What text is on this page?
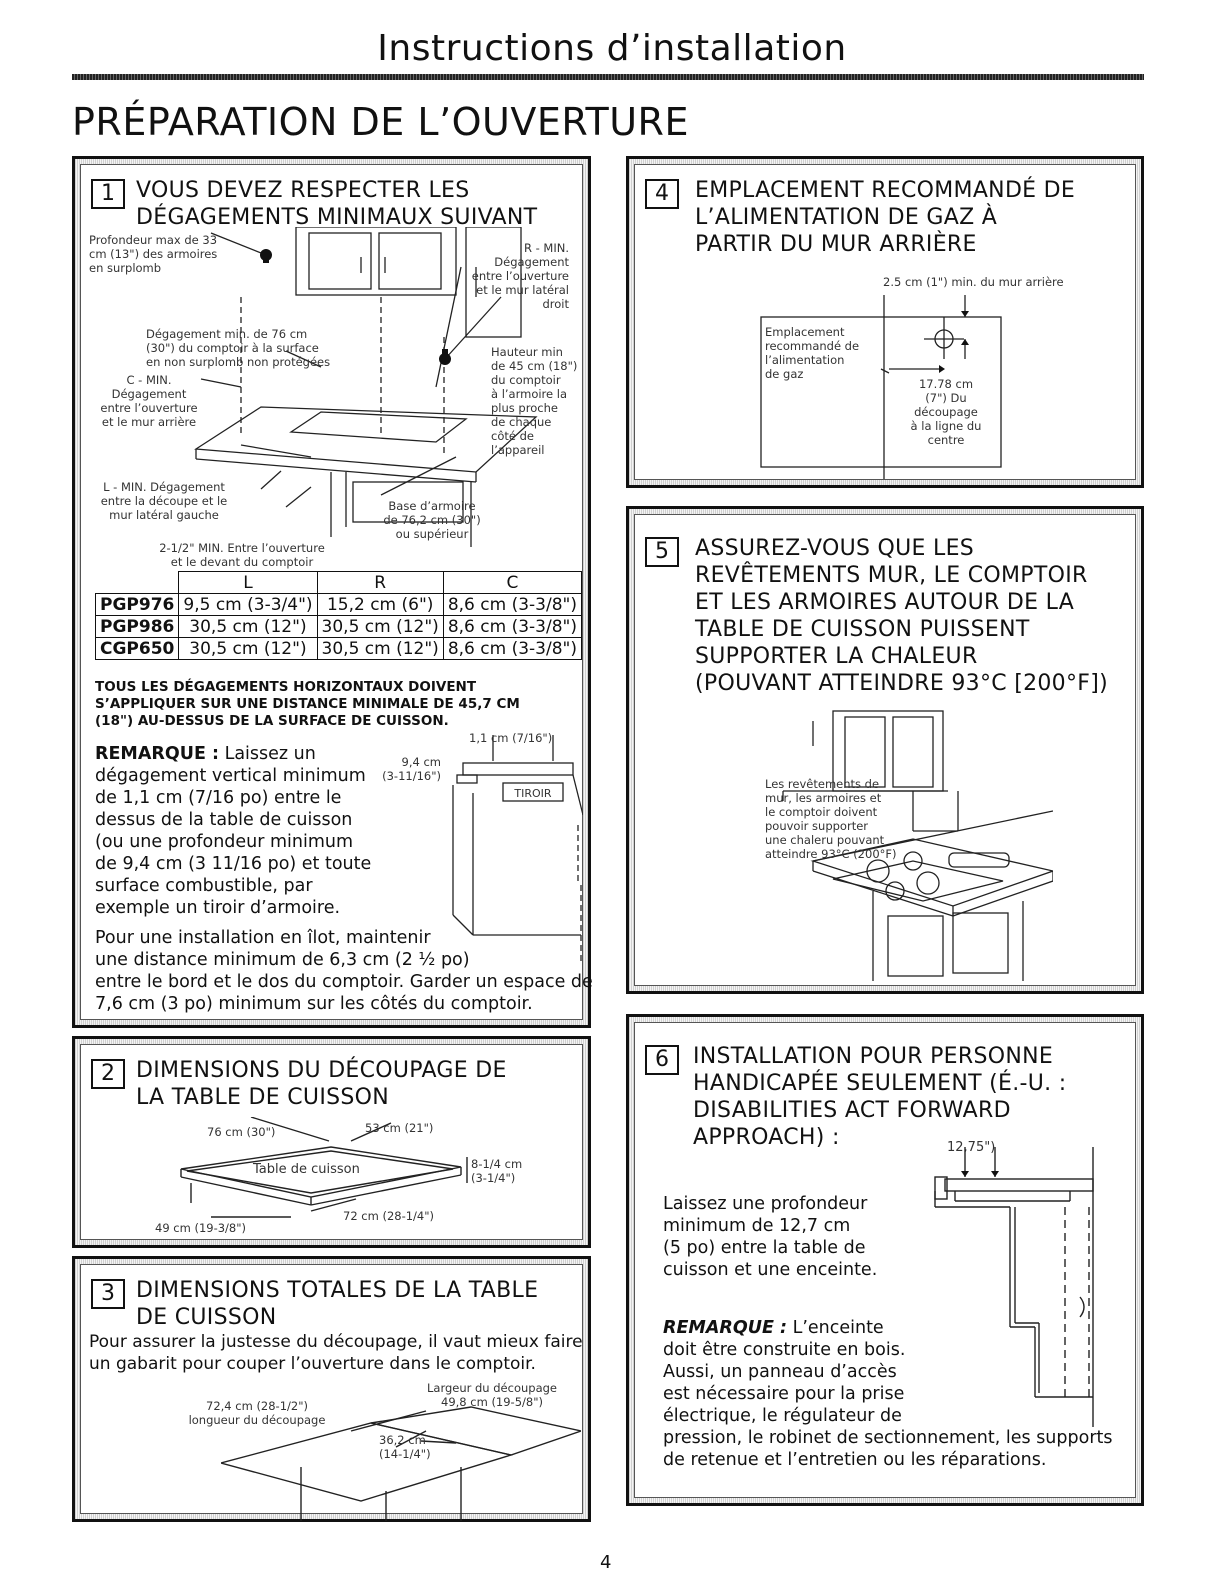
Instructions d’installation
PRÉPARATION DE L’OUVERTURE
1 VOUS DEVEZ RESPECTER LES
DÉGAGEMENTS MINIMAUX SUIVANT
Profondeur max de 33
cm (13") des armoires
en surplomb
R - MIN.
Dégagement
entre l’ouverture
et le mur latéral
droit
Dégagement min. de 76 cm
(30") du comptoir à la surface
en non surplomb non protégées
C - MIN.
Dégagement
entre l’ouverture
et le mur arrière
Hauteur min
de 45 cm (18")
du comptoir
à l’armoire la
plus proche
de chaque
côté de
l’appareil
L - MIN. Dégagement
entre la découpe et le
mur latéral gauche
Base d’armoire
de 76,2 cm (30")
ou supérieur
2-1/2" MIN. Entre l’ouverture
et le devant du comptoir
	L	R	C
PGP976	9,5 cm (3-3/4")	15,2 cm (6")	8,6 cm (3-3/8")
PGP986	30,5 cm (12")	30,5 cm (12")	8,6 cm (3-3/8")
CGP650	30,5 cm (12")	30,5 cm (12")	8,6 cm (3-3/8")
TOUS LES DÉGAGEMENTS HORIZONTAUX DOIVENT
S’APPLIQUER SUR UNE DISTANCE MINIMALE DE 45,7 CM
(18") AU-DESSUS DE LA SURFACE DE CUISSON.
TIROIR
1,1 cm (7/16")
9,4 cm
(3-11/16")
REMARQUE : Laissez un
dégagement vertical minimum
de 1,1 cm (7/16 po) entre le
dessus de la table de cuisson
(ou une profondeur minimum
de 9,4 cm (3 11/16 po) et toute
surface combustible, par
exemple un tiroir d’armoire.
Pour une installation en îlot, maintenir
une distance minimum de 6,3 cm (2 ½ po)
entre le bord et le dos du comptoir. Garder un espace de
7,6 cm (3 po) minimum sur les côtés du comptoir.
2 DIMENSIONS DU DÉCOUPAGE DE
LA TABLE DE CUISSON
76 cm (30")	53 cm (21")
Table de cuisson	8-1/4 cm
(3-1/4")
72 cm (28-1/4")
49 cm (19-3/8")
3 DIMENSIONS TOTALES DE LA TABLE
DE CUISSON
Pour assurer la justesse du découpage, il vaut mieux faire
un gabarit pour couper l’ouverture dans le comptoir.
Largeur du découpage
49,8 cm (19-5/8")
72,4 cm (28-1/2")
longueur du découpage
36,2 cm
(14-1/4")
4	EMPLACEMENT RECOMMANDÉ DE
L’ALIMENTATION DE GAZ À
PARTIR DU MUR ARRIÈRE
2.5 cm (1") min. du mur arrière
Emplacement
recommandé de
l’alimentation
de gaz
17.78 cm
(7") Du
découpage
à la ligne du
centre
5	ASSUREZ-VOUS QUE LES
REVÊTEMENTS MUR, LE COMPTOIR
ET LES ARMOIRES AUTOUR DE LA
TABLE DE CUISSON PUISSENT
SUPPORTER LA CHALEUR
(POUVANT ATTEINDRE 93°C [200°F])
Les revêtements de
mur, les armoires et
le comptoir doivent
pouvoir supporter
une chaleru pouvant
atteindre 93°C (200°F)
6	INSTALLATION POUR PERSONNE
HANDICAPÉE SEULEMENT (É.-U. :
DISABILITIES ACT FORWARD
APPROACH) :	12,75")
Laissez une profondeur
minimum de 12,7 cm
(5 po) entre la table de
cuisson et une enceinte.
REMARQUE : L’enceinte
doit être construite en bois.
Aussi, un panneau d’accès
est nécessaire pour la prise
électrique, le régulateur de
pression, le robinet de sectionnement, les supports
de retenue et l’entretien ou les réparations.
4
